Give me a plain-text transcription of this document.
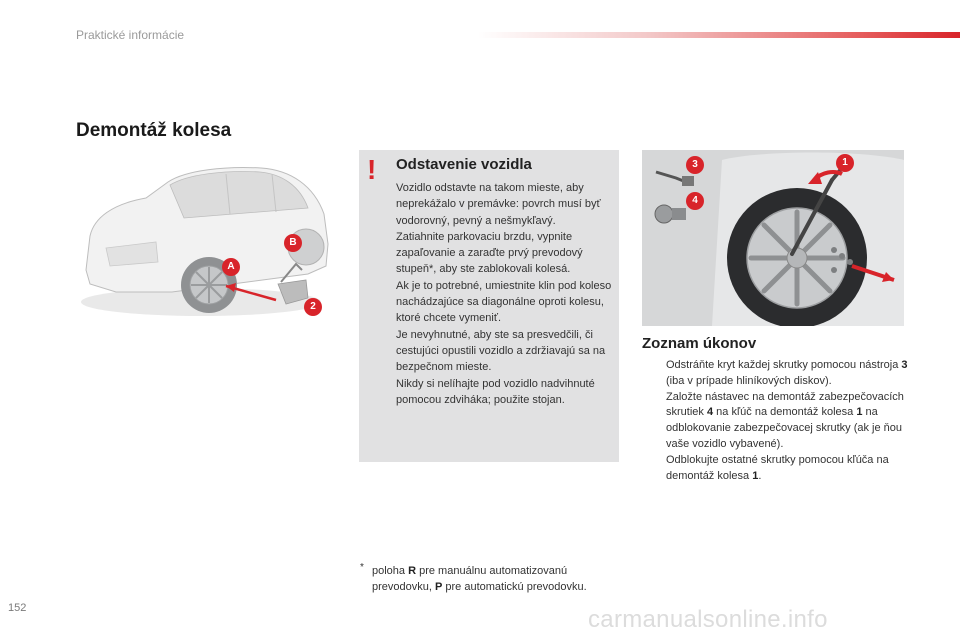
Praktické informácie
Demontáž kolesa
A
B
2
! Odstavenie vozidla

Vozidlo odstavte na takom mieste, aby neprekážalo v premávke: povrch musí byť vodorovný, pevný a nešmykľavý.

Zatiahnite parkovaciu brzdu, vypnite zapaľovanie a zaraďte prvý prevodový stupeň*, aby ste zablokovali kolesá.

Ak je to potrebné, umiestnite klin pod koleso nachádzajúce sa diagonálne oproti kolesu, ktoré chcete vymeniť.

Je nevyhnutné, aby ste sa presvedčili, či cestujúci opustili vozidlo a zdržiavajú sa na bezpečnom mieste.

Nikdy si nelíhajte pod vozidlo nadvihnuté pomocou zdviháka; použite stojan.

1
3
4
Zoznam úkonov
Odstráňte kryt každej skrutky pomocou nástroja 3 (iba v prípade hliníkových diskov).
Založte nástavec na demontáž zabezpečovacích skrutiek 4 na kľúč na demontáž kolesa 1 na odblokovanie zabezpečovacej skrutky (ak je ňou vaše vozidlo vybavené).
Odblokujte ostatné skrutky pomocou kľúča na demontáž kolesa 1.
* poloha R pre manuálnu automatizovanú prevodovku, P pre automatickú prevodovku.
152	carmanualsonline.info
